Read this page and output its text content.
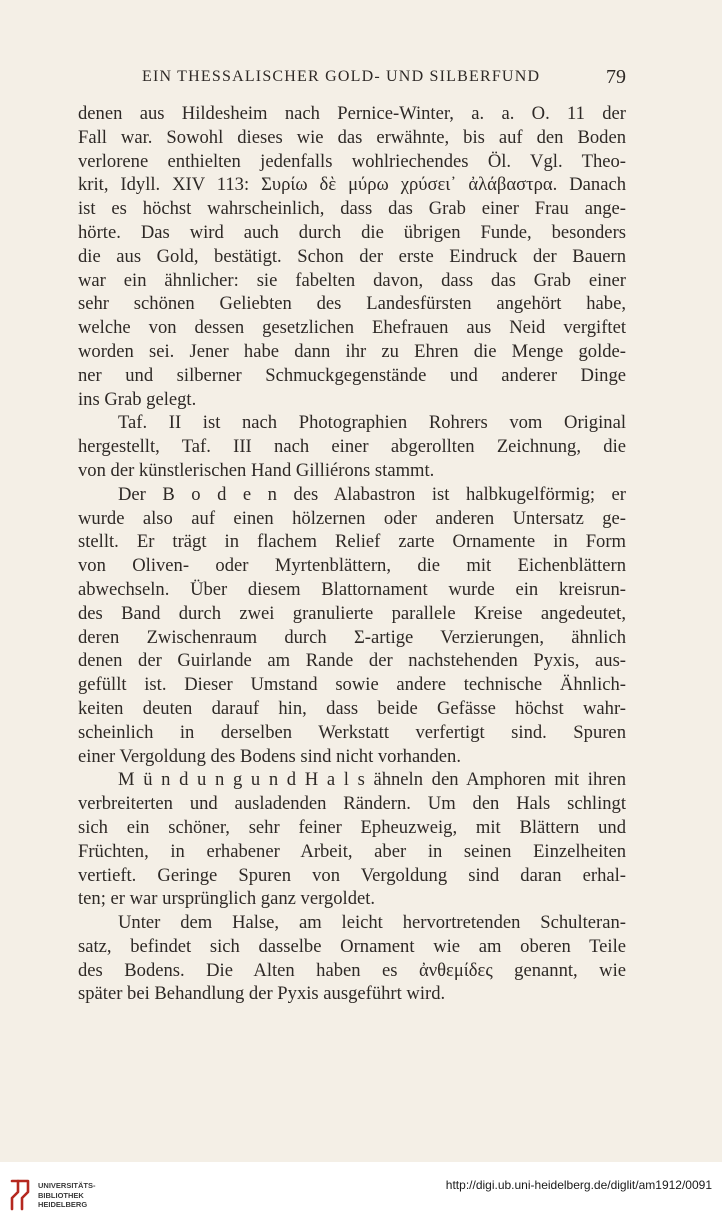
EIN THESSALISCHER GOLD- UND SILBERFUND	79
denen aus Hildesheim nach Pernice-Winter, a. a. O. 11 der
Fall war. Sowohl dieses wie das erwähnte, bis auf den Boden
verlorene enthielten jedenfalls wohlriechendes Öl. Vgl. Theo-
krit, Idyll. XIV 113: Συρίω δὲ μύρω χρύσει᾽ ἀλάβαστρα. Danach
ist es höchst wahrscheinlich, dass das Grab einer Frau ange-
hörte. Das wird auch durch die übrigen Funde, besonders
die aus Gold, bestätigt. Schon der erste Eindruck der Bauern
war ein ähnlicher: sie fabelten davon, dass das Grab einer
sehr schönen Geliebten des Landesfürsten angehört habe,
welche von dessen gesetzlichen Ehefrauen aus Neid vergiftet
worden sei. Jener habe dann ihr zu Ehren die Menge golde-
ner und silberner Schmuckgegenstände und anderer Dinge
ins Grab gelegt.
Taf. II ist nach Photographien Rohrers vom Original
hergestellt, Taf. III nach einer abgerollten Zeichnung, die
von der künstlerischen Hand Gilliérons stammt.
Der B o d e n des Alabastron ist halbkugelförmig; er
wurde also auf einen hölzernen oder anderen Untersatz ge-
stellt. Er trägt in flachem Relief zarte Ornamente in Form
von Oliven- oder Myrtenblättern, die mit Eichenblättern
abwechseln. Über diesem Blattornament wurde ein kreisrun-
des Band durch zwei granulierte parallele Kreise angedeutet,
deren Zwischenraum durch Σ-artige Verzierungen, ähnlich
denen der Guirlande am Rande der nachstehenden Pyxis, aus-
gefüllt ist. Dieser Umstand sowie andere technische Ähnlich-
keiten deuten darauf hin, dass beide Gefässe höchst wahr-
scheinlich in derselben Werkstatt verfertigt sind. Spuren
einer Vergoldung des Bodens sind nicht vorhanden.
M ü n d u n g u n d H a l s ähneln den Amphoren mit ihren
verbreiterten und ausladenden Rändern. Um den Hals schlingt
sich ein schöner, sehr feiner Epheuzweig, mit Blättern und
Früchten, in erhabener Arbeit, aber in seinen Einzelheiten
vertieft. Geringe Spuren von Vergoldung sind daran erhal-
ten; er war ursprünglich ganz vergoldet.
Unter dem Halse, am leicht hervortretenden Schulteran-
satz, befindet sich dasselbe Ornament wie am oberen Teile
des Bodens. Die Alten haben es ἀνθεμίδες genannt, wie
später bei Behandlung der Pyxis ausgeführt wird.
UNIVERSITÄTS-
BIBLIOTHEK
HEIDELBERG
http://digi.ub.uni-heidelberg.de/diglit/am1912/0091
